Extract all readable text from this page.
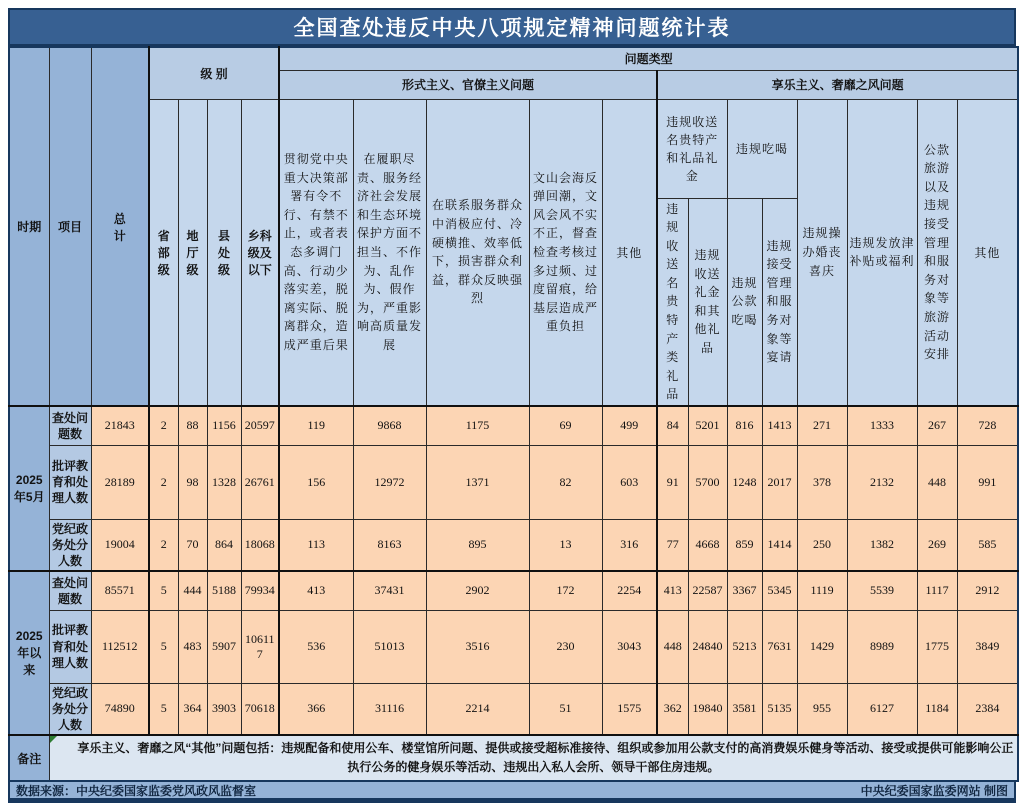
全国查处违反中央八项规定精神问题统计表
时期	项目	总计	级 别				问题类型												
							形式主义、官僚主义问题					享乐主义、奢靡之风问题							
			省部级	地厅级	县处级	乡科级及以下	贯彻党中央重大决策部署有令不行、有禁不止，或者表态多调门高、行动少落实差，脱离实际、脱离群众，造成严重后果	在履职尽责、服务经济社会发展和生态环境保护方面不担当、不作为、乱作为、假作为，严重影响高质量发展	在联系服务群众中消极应付、冷硬横推、效率低下，损害群众利益，群众反映强烈	文山会海反弹回潮，文风会风不实不正，督查检查考核过多过频、过度留痕，给基层造成严重负担	其他	违规收送名贵特产和礼品礼金		违规吃喝		违规操办婚丧喜庆	违规发放津补贴或福利	公款旅游以及违规接受管理和服务对象等旅游活动安排	其他
												违规收送名贵特产类礼品	违规收送礼金和其他礼品	违规公款吃喝	违规接受管理和服务对象等宴请				
2025年5月	查处问题数	21843	2	88	1156	20597	119	9868	1175	69	499	84	5201	816	1413	271	1333	267	728
	批评教育和处理人数	28189	2	98	1328	26761	156	12972	1371	82	603	91	5700	1248	2017	378	2132	448	991
	党纪政务处分人数	19004	2	70	864	18068	113	8163	895	13	316	77	4668	859	1414	250	1382	269	585
2025年以来	查处问题数	85571	5	444	5188	79934	413	37431	2902	172	2254	413	22587	3367	5345	1119	5539	1117	2912
	批评教育和处理人数	112512	5	483	5907	106117	536	51013	3516	230	3043	448	24840	5213	7631	1429	8989	1775	3849
	党纪政务处分人数	74890	5	364	3903	70618	366	31116	2214	51	1575	362	19840	3581	5135	955	6127	1184	2384
备注	享乐主义、奢靡之风“其他”问题包括：违规配备和使用公车、楼堂馆所问题、提供或接受超标准接待、组织或参加用公款支付的高消费娱乐健身等活动、接受或提供可能影响公正执行公务的健身娱乐等活动、违规出入私人会所、领导干部住房违规。																		
数据来源：中央纪委国家监委党风政风监督室	中央纪委国家监委网站 制图
